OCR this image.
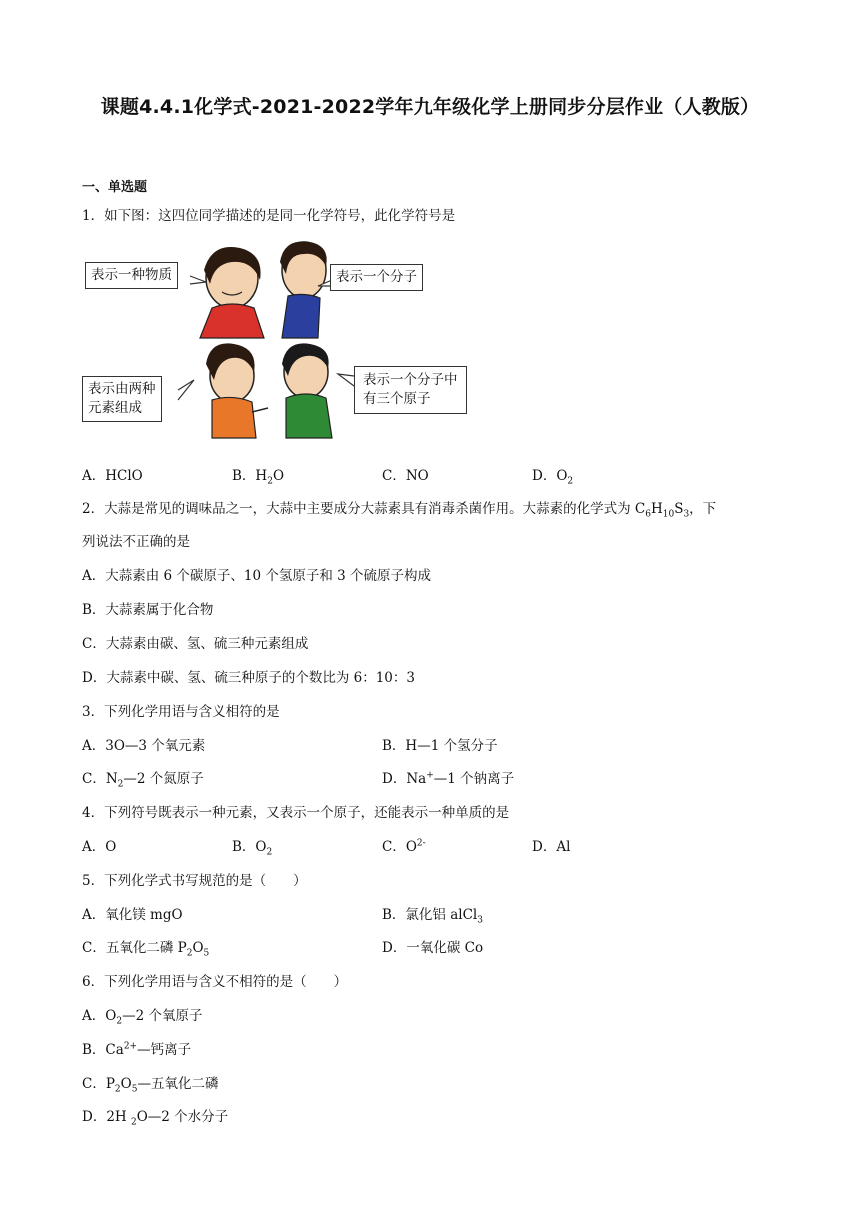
课题4.4.1化学式-2021-2022学年九年级化学上册同步分层作业（人教版）
一、单选题
1．如下图：这四位同学描述的是同一化学符号，此化学符号是
表示一种物质	表示一个分子
表示由两种
元素组成
表示一个分子中
有三个原子
A．HClO	B．$H_2O$	C．NO	D．$O_2$
2．大蒜是常见的调味品之一，大蒜中主要成分大蒜素具有消毒杀菌作用。大蒜素的化学式为 $C_6H_{10}S_3$，下
列说法不正确的是
A．大蒜素由 6 个碳原子、10 个氢原子和 3 个硫原子构成
B．大蒜素属于化合物
C．大蒜素由碳、氢、硫三种元素组成
D．大蒜素中碳、氢、硫三种原子的个数比为 6：10：3
3．下列化学用语与含义相符的是
A．3O—3 个氧元素	B．H—1 个氢分子
C．$N_2—2$ 个氮原子	D．Na+—1 个钠离子
4．下列符号既表示一种元素，又表示一个原子，还能表示一种单质的是
A．O	B．$O_2$	C．$O^{2-}$	D．Al
5．下列化学式书写规范的是（　　）
A．氧化镁 mgO	B．氯化铝 alCl$_3$
C．五氧化二磷 $P_2O_5$	D．一氧化碳 Co
6．下列化学用语与含义不相符的是（　　）
A．$O_2—2$ 个氧原子
B．$Ca^{2+}—$钙离子
C．$P_2O_5—$五氧化二磷
D．2H $_2$O—2 个水分子
